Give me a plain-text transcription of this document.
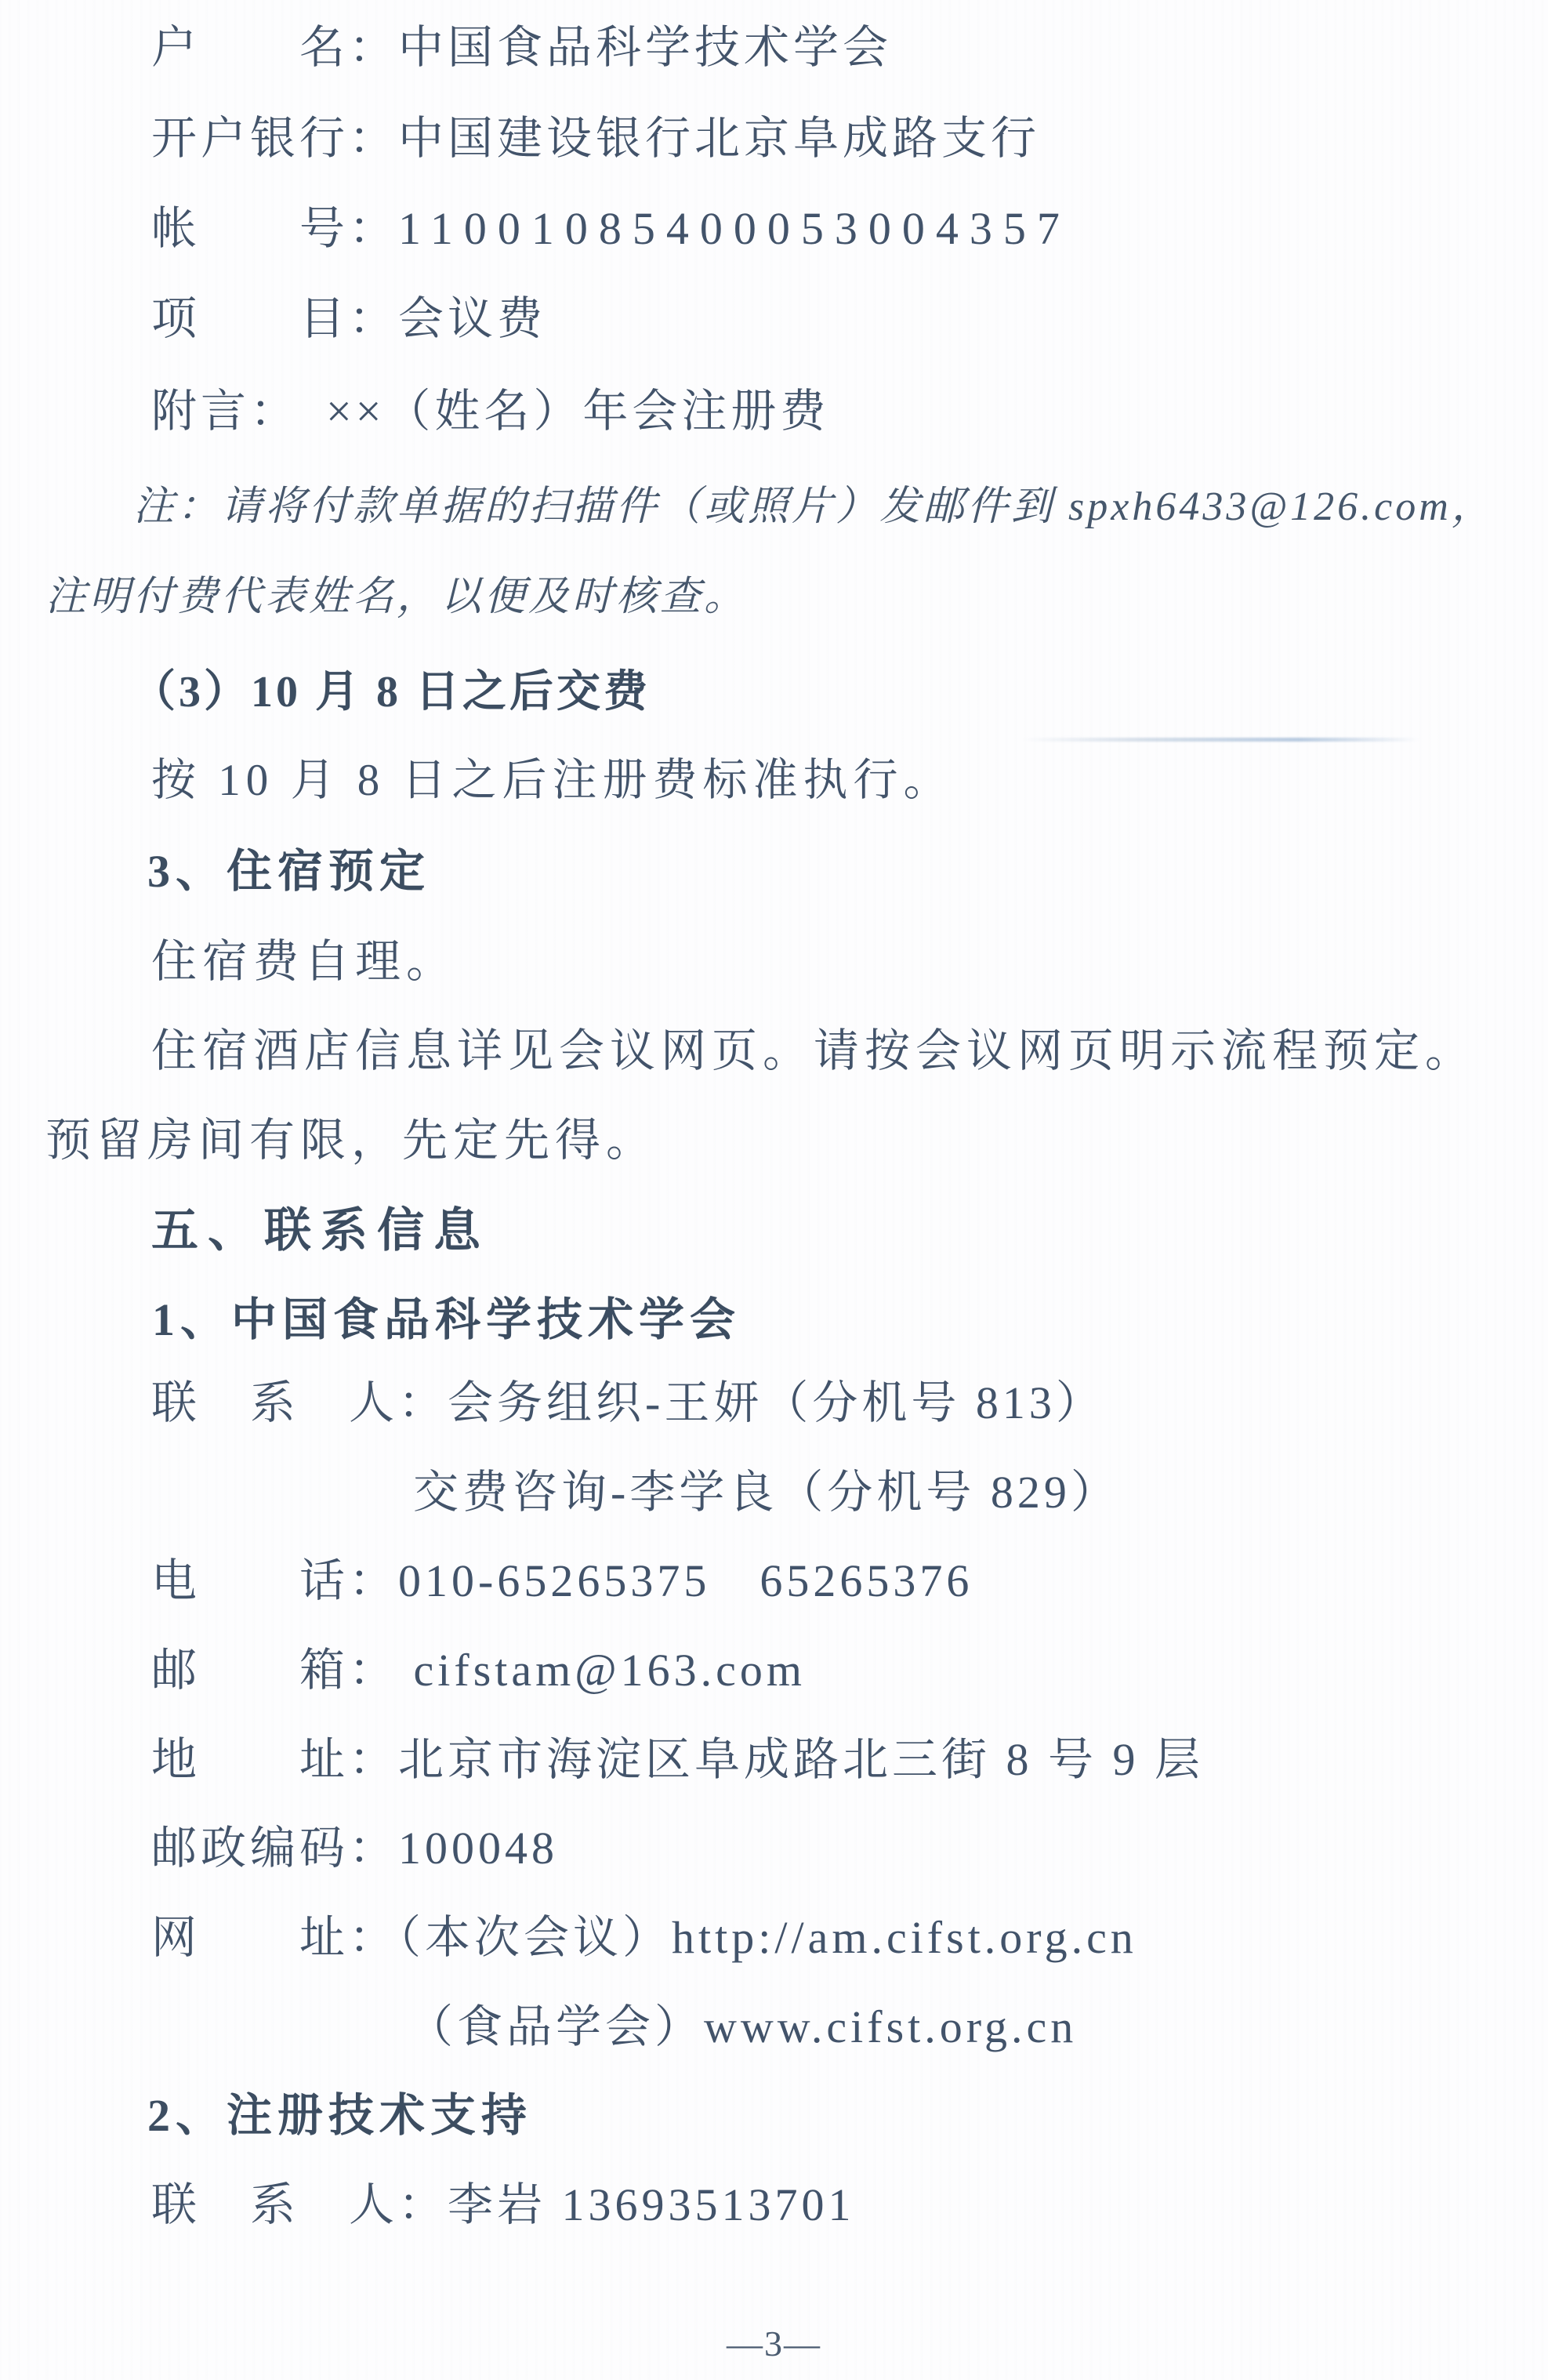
户　　名：中国食品科学技术学会
开户银行：中国建设银行北京阜成路支行
帐　　号：11001085400053004357
项　　目：会议费
附言：　××（姓名）年会注册费
注：请将付款单据的扫描件（或照片）发邮件到 spxh6433@126.com，
注明付费代表姓名，以便及时核查。
（3）10 月 8 日之后交费
按 10 月 8 日之后注册费标准执行。
3、住宿预定
住宿费自理。
住宿酒店信息详见会议网页。请按会议网页明示流程预定。
预留房间有限，先定先得。
五、联系信息
1、中国食品科学技术学会
联　系　人：会务组织-王妍（分机号 813）
交费咨询-李学良（分机号 829）
电　　话：010-65265375　65265376
邮　　箱： cifstam@163.com
地　　址：北京市海淀区阜成路北三街 8 号 9 层
邮政编码：100048
网　　址：（本次会议）http://am.cifst.org.cn
（食品学会）www.cifst.org.cn
2、注册技术支持
联　系　人：李岩 13693513701
—3—
